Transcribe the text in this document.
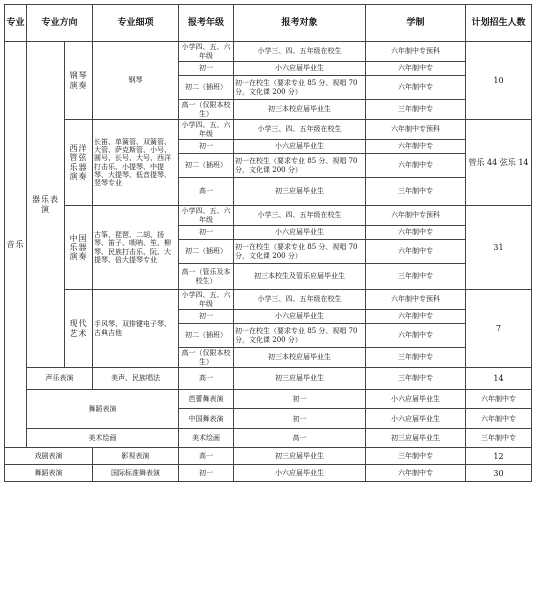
专业	专业方向		专业细项	报考年级	报考对象	学制	计划招生人数	
音乐	器乐表演	钢琴演奏	钢琴	小学四、五、六年级	小学三、四、五年级在校生	六年制中专预科	10	
				初一	小六应届毕业生	六年制中专		
				初二（插班）	初一在校生（要求专业 85 分、视唱 70 分，文化课 200 分）	六年制中专		
				高一（仅限本校生）	初三本校应届毕业生	三年制中专		
		西洋管弦乐器演奏	长笛、单簧管、双簧管、大管、萨克斯管、小号、圆号、长号、大号、西洋打击乐、小提琴、中提琴、大提琴、低音提琴、竖琴专业	小学四、五、六年级	小学三、四、五年级在校生	六年制中专预科	管乐 44 弦乐 14	
				初一	小六应届毕业生	六年制中专		
				初二（插班）	初一在校生（要求专业 85 分、视唱 70 分，文化课 200 分）	六年制中专		
				高一	初三应届毕业生	三年制中专		
		中国乐器演奏	古筝、琵琶、二胡、扬琴、笛子、唢呐、笙、柳琴、民族打击乐、阮、大提琴、倍大提琴专业	小学四、五、六年级	小学三、四、五年级在校生	六年制中专预科	31	
				初一	小六应届毕业生	六年制中专		
				初二（插班）	初一在校生（要求专业 85 分、视唱 70 分，文化课 200 分）	六年制中专		
				高一（管乐及本校生）	初三本校生及管乐应届毕业生	三年制中专		
		现代艺术	手风琴、双排键电子琴、古典吉他	小学四、五、六年级	小学三、四、五年级在校生	六年制中专预科	7	
				初一	小六应届毕业生	六年制中专		
				初二（插班）	初一在校生（要求专业 85 分、视唱 70 分，文化课 200 分）	六年制中专		
				高一（仅限本校生）	初三本校应届毕业生	三年制中专		
	声乐表演		美声、民族唱法	高一	初三应届毕业生	三年制中专	14	
	舞蹈表演			芭蕾舞表演	初一	小六应届毕业生	六年制中专	
				中国舞表演	初一	小六应届毕业生	六年制中专	
	美术绘画			美术绘画	高一	初三应届毕业生	三年制中专	
戏剧表演			影视表演	高一	初三应届毕业生	三年制中专	12	
舞蹈表演			国际标准舞表演	初一	小六应届毕业生	六年制中专	30	
